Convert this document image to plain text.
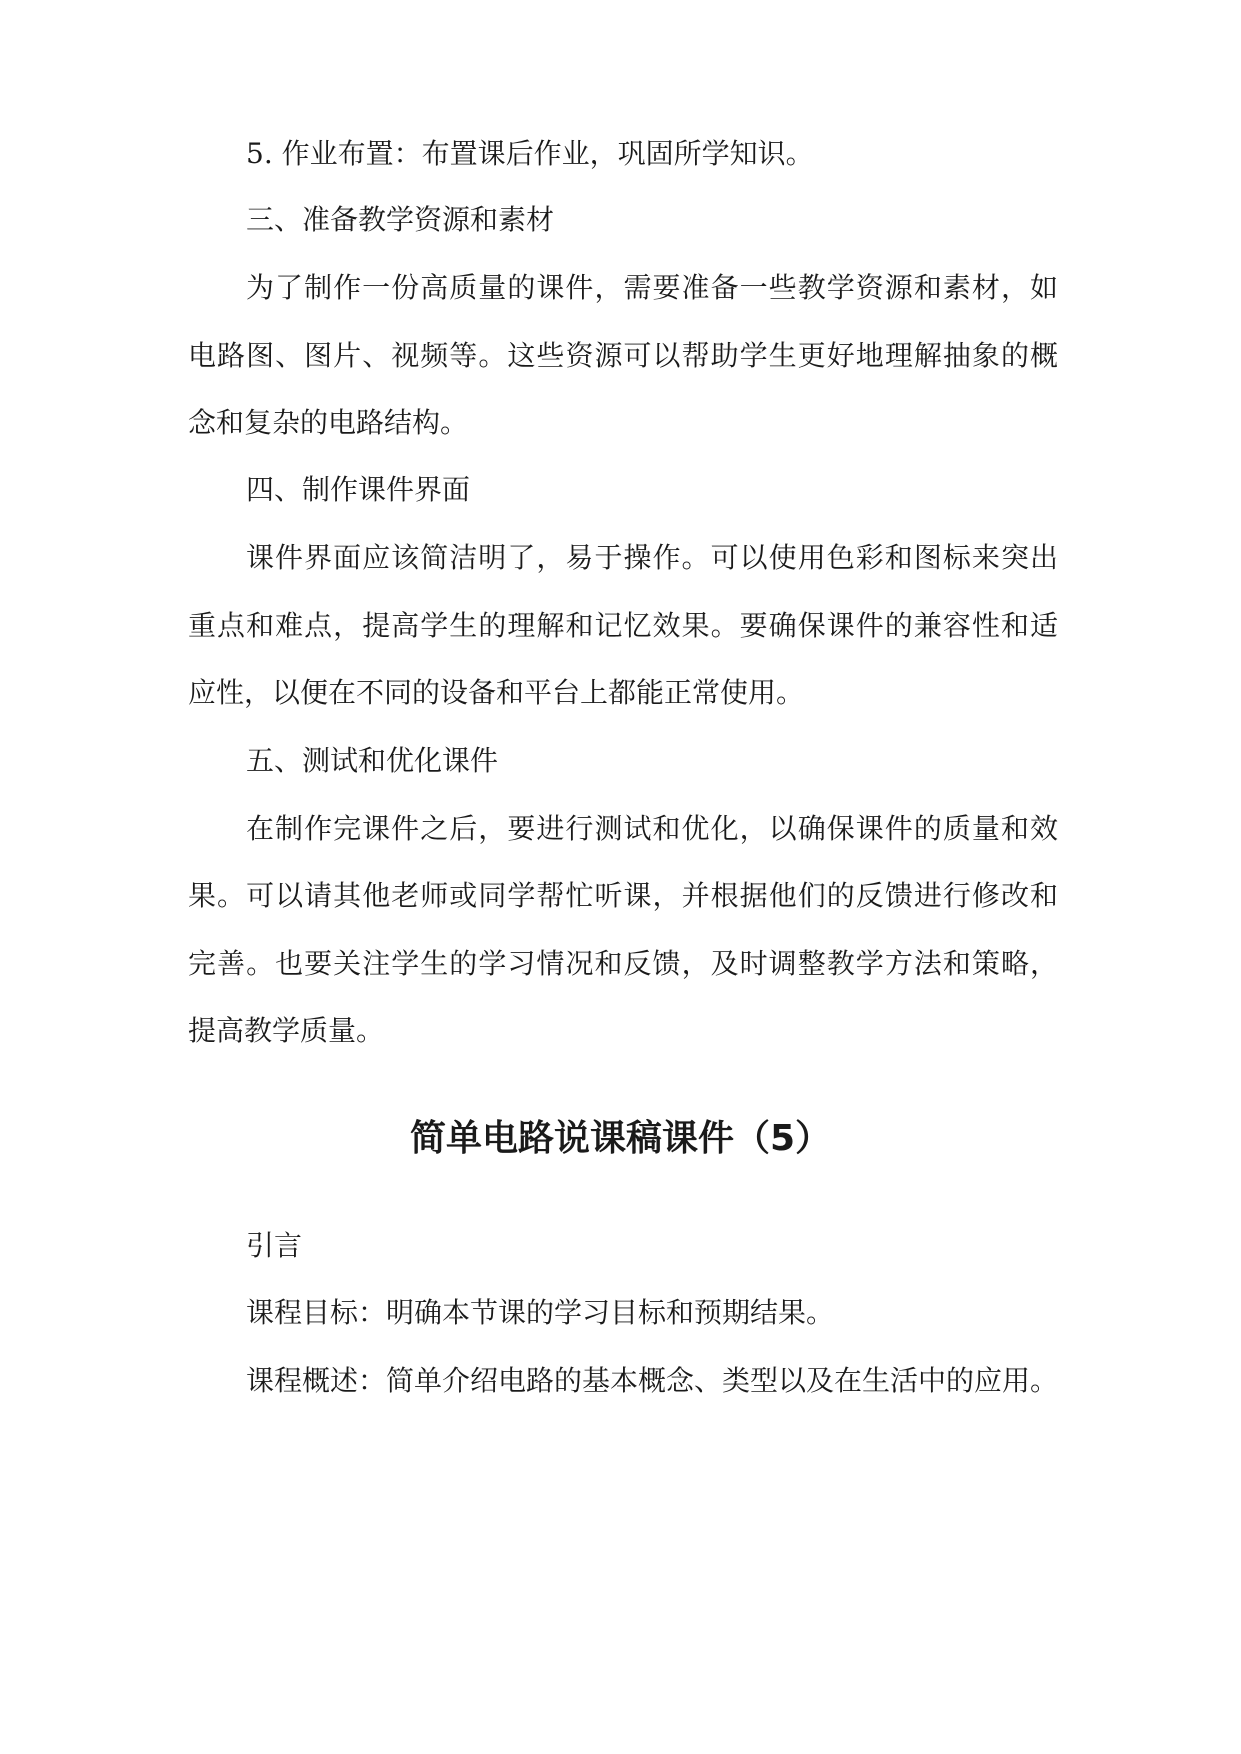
5. 作业布置：布置课后作业，巩固所学知识。
三、准备教学资源和素材
为了制作一份高质量的课件，需要准备一些教学资源和素材，如
电路图、图片、视频等。这些资源可以帮助学生更好地理解抽象的概
念和复杂的电路结构。
四、制作课件界面
课件界面应该简洁明了，易于操作。可以使用色彩和图标来突出
重点和难点，提高学生的理解和记忆效果。要确保课件的兼容性和适
应性，以便在不同的设备和平台上都能正常使用。
五、测试和优化课件
在制作完课件之后，要进行测试和优化，以确保课件的质量和效
果。可以请其他老师或同学帮忙听课，并根据他们的反馈进行修改和
完善。也要关注学生的学习情况和反馈，及时调整教学方法和策略，
提高教学质量。
简单电路说课稿课件（5）
引言
课程目标：明确本节课的学习目标和预期结果。
课程概述：简单介绍电路的基本概念、类型以及在生活中的应用。
